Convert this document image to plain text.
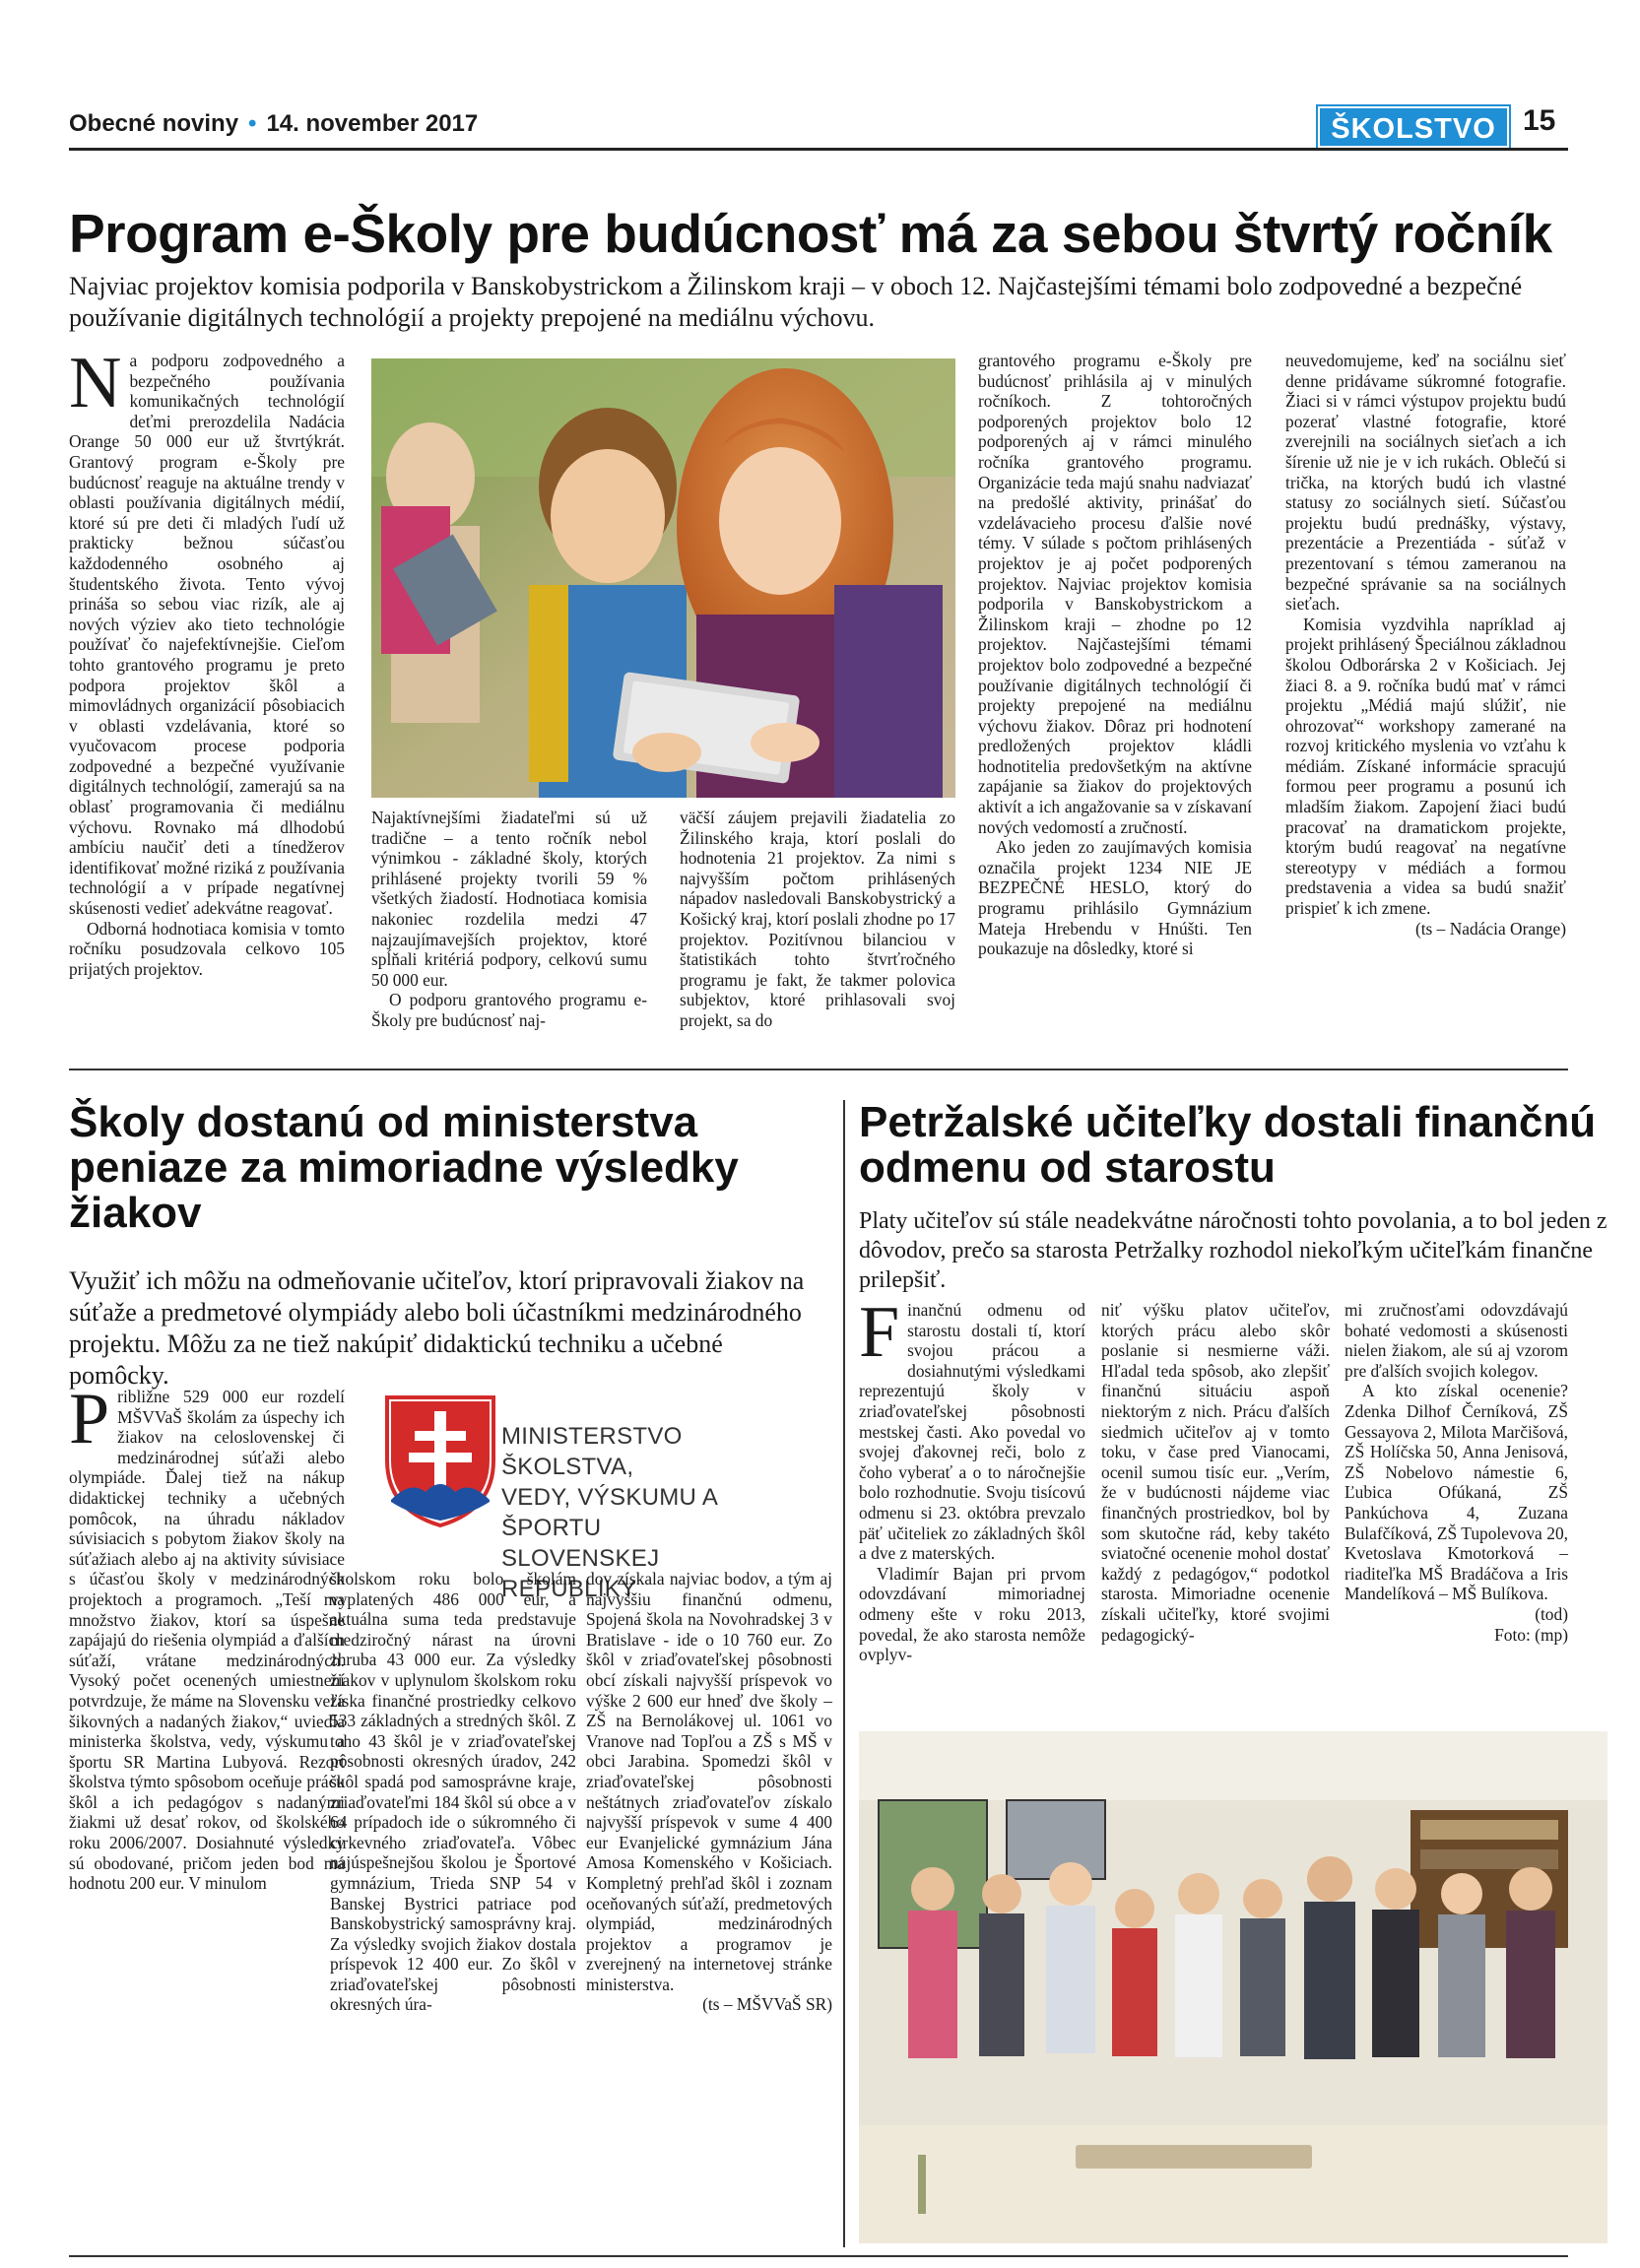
Obecné noviny • 14. november 2017	ŠKOLSTVO 15
Program e-Školy pre budúcnosť má za sebou štvrtý ročník
Najviac projektov komisia podporila v Banskobystrickom a Žilinskom kraji – v oboch 12. Najčastejšími témami bolo zodpovedné a bezpečné používanie digitálnych technológií a projekty prepojené na mediálnu výchovu.

Na podporu zodpovedného a bezpečného používania komunikačných technológií deťmi prerozdelila Nadácia Orange 50 000 eur už štvrtýkrát. Grantový program e-Školy pre budúcnosť reaguje na aktuálne trendy v oblasti používania digitálnych médií, ktoré sú pre deti či mladých ľudí už prakticky bežnou súčasťou každodenného osobného aj študentského života. Tento vývoj prináša so sebou viac rizík, ale aj nových výziev ako tieto technológie používať čo najefektívnejšie. Cieľom tohto grantového programu je preto podpora projektov škôl a mimovládnych organizácií pôsobiacich v oblasti vzdelávania, ktoré so vyučovacom procese podporia zodpovedné a bezpečné využívanie digitálnych technológií, zamerajú sa na oblasť programovania či mediálnu výchovu. Rovnako má dlhodobú ambíciu naučiť deti a tínedžerov identifikovať možné riziká z používania technológií a v prípade negatívnej skúsenosti vedieť adekvátne reagovať.

Odborná hodnotiaca komisia v tomto ročníku posudzovala celkovo 105 prijatých projektov.

Najaktívnejšími žiadateľmi sú už tradične – a tento ročník nebol výnimkou - základné školy, ktorých prihlásené projekty tvorili 59 % všetkých žiadostí. Hodnotiaca komisia nakoniec rozdelila medzi 47 najzaujímavejších projektov, ktoré spĺňali kritériá podpory, celkovú sumu 50 000 eur.

O podporu grantového programu e-Školy pre budúcnosť naj-

väčší záujem prejavili žiadatelia zo Žilinského kraja, ktorí poslali do hodnotenia 21 projektov. Za nimi s najvyšším počtom prihlásených nápadov nasledovali Banskobystrický a Košický kraj, ktorí poslali zhodne po 17 projektov. Pozitívnou bilanciou v štatistikách tohto štvrťročného programu je fakt, že takmer polovica subjektov, ktoré prihlasovali svoj projekt, sa do

grantového programu e-Školy pre budúcnosť prihlásila aj v minulých ročníkoch. Z tohtoročných podporených projektov bolo 12 podporených aj v rámci minulého ročníka grantového programu. Organizácie teda majú snahu nadviazať na predošlé aktivity, prinášať do vzdelávacieho procesu ďalšie nové témy. V súlade s počtom prihlásených projektov je aj počet podporených projektov. Najviac projektov komisia podporila v Banskobystrickom a Žilinskom kraji – zhodne po 12 projektov. Najčastejšími témami projektov bolo zodpovedné a bezpečné používanie digitálnych technológií či projekty prepojené na mediálnu výchovu žiakov. Dôraz pri hodnotení predložených projektov kládli hodnotitelia predovšetkým na aktívne zapájanie sa žiakov do projektových aktivít a ich angažovanie sa v získavaní nových vedomostí a zručností.

Ako jeden zo zaujímavých komisia označila projekt 1234 NIE JE BEZPEČNÉ HESLO, ktorý do programu prihlásilo Gymnázium Mateja Hrebendu v Hnúšti. Ten poukazuje na dôsledky, ktoré si

neuvedomujeme, keď na sociálnu sieť denne pridávame súkromné fotografie. Žiaci si v rámci výstupov projektu budú pozerať vlastné fotografie, ktoré zverejnili na sociálnych sieťach a ich šírenie už nie je v ich rukách. Oblečú si trička, na ktorých budú ich vlastné statusy zo sociálnych sietí. Súčasťou projektu budú prednášky, výstavy, prezentácie a Prezentiáda - súťaž v prezentovaní s témou zameranou na bezpečné správanie sa na sociálnych sieťach.

Komisia vyzdvihla napríklad aj projekt prihlásený Špeciálnou základnou školou Odborárska 2 v Košiciach. Jej žiaci 8. a 9. ročníka budú mať v rámci projektu „Médiá majú slúžiť, nie ohrozovať“ workshopy zamerané na rozvoj kritického myslenia vo vzťahu k médiám. Získané informácie spracujú formou peer programu a posunú ich mladším žiakom. Zapojení žiaci budú pracovať na dramatickom projekte, ktorým budú reagovať na negatívne stereotypy v médiách a formou predstavenia a videa sa budú snažiť prispieť k ich zmene.

(ts – Nadácia Orange)
Školy dostanú od ministerstva peniaze za mimoriadne výsledky žiakov
Využiť ich môžu na odmeňovanie učiteľov, ktorí pripravovali žiakov na súťaže a predmetové olympiády alebo boli účastníkmi medzinárodného projektu. Môžu za ne tiež nakúpiť didaktickú techniku a učebné pomôcky.

Približne 529 000 eur rozdelí MŠVVaŠ školám za úspechy ich žiakov na celoslovenskej či medzinárodnej súťaži alebo olympiáde. Ďalej tiež na nákup didaktickej techniky a učebných pomôcok, na úhradu nákladov súvisiacich s pobytom žiakov školy na súťažiach alebo aj na aktivity súvisiace s účasťou školy v medzinárodných projektoch a programoch. „Teší ma množstvo žiakov, ktorí sa úspešne zapájajú do riešenia olympiád a ďalších súťaží, vrátane medzinárodných. Vysoký počet ocenených umiestnení potvrdzuje, že máme na Slovensku veľa šikovných a nadaných žiakov,“ uviedla ministerka školstva, vedy, výskumu a športu SR Martina Lubyová. Rezort školstva týmto spôsobom oceňuje prácu škôl a ich pedagógov s nadanými žiakmi už desať rokov, od školského roku 2006/2007. Dosiahnuté výsledky sú obodované, pričom jeden bod má hodnotu 200 eur. V minulom

MINISTERSTVO ŠKOLSTVA,
VEDY, VÝSKUMU A ŠPORTU
SLOVENSKEJ REPUBLIKY

školskom roku bolo školám vyplatených 486 000 eur, a aktuálna suma teda predstavuje medziročný nárast na úrovni zhruba 43 000 eur. Za výsledky žiakov v uplynulom školskom roku získa finančné prostriedky celkovo 533 základných a stredných škôl. Z toho 43 škôl je v zriaďovateľskej pôsobnosti okresných úradov, 242 škôl spadá pod samosprávne kraje, zriaďovateľmi 184 škôl sú obce a v 64 prípadoch ide o súkromného či cirkevného zriaďovateľa. Vôbec najúspešnejšou školou je Športové gymnázium, Trieda SNP 54 v Banskej Bystrici patriace pod Banskobystrický samosprávny kraj. Za výsledky svojich žiakov dostala príspevok 12 400 eur. Zo škôl v zriaďovateľskej pôsobnosti okresných úra-

dov získala najviac bodov, a tým aj najvyššiu finančnú odmenu, Spojená škola na Novohradskej 3 v Bratislave - ide o 10 760 eur. Zo škôl v zriaďovateľskej pôsobnosti obcí získali najvyšší príspevok vo výške 2 600 eur hneď dve školy – ZŠ na Bernolákovej ul. 1061 vo Vranove nad Topľou a ZŠ s MŠ v obci Jarabina. Spomedzi škôl v zriaďovateľskej pôsobnosti neštátnych zriaďovateľov získalo najvyšší príspevok v sume 4 400 eur Evanjelické gymnázium Jána Amosa Komenského v Košiciach. Kompletný prehľad škôl i zoznam oceňovaných súťaží, predmetových olympiád, medzinárodných projektov a programov je zverejnený na internetovej stránke ministerstva.

(ts – MŠVVaŠ SR)
Petržalské učiteľky dostali finančnú odmenu od starostu
Platy učiteľov sú stále neadekvátne náročnosti tohto povolania, a to bol jeden z dôvodov, prečo sa starosta Petržalky rozhodol niekoľkým učiteľkám finančne prilepšiť.

Finančnú odmenu od starostu dostali tí, ktorí svojou prácou a dosiahnutými výsledkami reprezentujú školy v zriaďovateľskej pôsobnosti mestskej časti. Ako povedal vo svojej ďakovnej reči, bolo z čoho vyberať a o to náročnejšie bolo rozhodnutie. Svoju tisícovú odmenu si 23. októbra prevzalo päť učiteliek zo základných škôl a dve z materských.

Vladimír Bajan pri prvom odovzdávaní mimoriadnej odmeny ešte v roku 2013, povedal, že ako starosta nemôže ovplyv-

niť výšku platov učiteľov, ktorých prácu alebo skôr poslanie si nesmierne váži. Hľadal teda spôsob, ako zlepšiť finančnú situáciu aspoň niektorým z nich. Prácu ďalších siedmich učiteľov aj v tomto toku, v čase pred Vianocami, ocenil sumou tisíc eur. „Verím, že v budúcnosti nájdeme viac finančných prostriedkov, bol by som skutočne rád, keby takéto sviatočné ocenenie mohol dostať každý z pedagógov,“ podotkol starosta. Mimoriadne ocenenie získali učiteľky, ktoré svojimi pedagogický-

mi zručnosťami odovzdávajú bohaté vedomosti a skúsenosti nielen žiakom, ale sú aj vzorom pre ďalších svojich kolegov.

A kto získal ocenenie? Zdenka Dilhof Černíková, ZŠ Gessayova 2, Milota Marčišová, ZŠ Holíčska 50, Anna Jenisová, ZŠ Nobelovo námestie 6, Ľubica Ofúkaná, ZŠ Pankúchova 4, Zuzana Bulafčíková, ZŠ Tupolevova 20, Kvetoslava Kmotorková – riaditeľka MŠ Bradáčova a Iris Mandelíková – MŠ Bulíkova.

(tod)
Foto: (mp)
